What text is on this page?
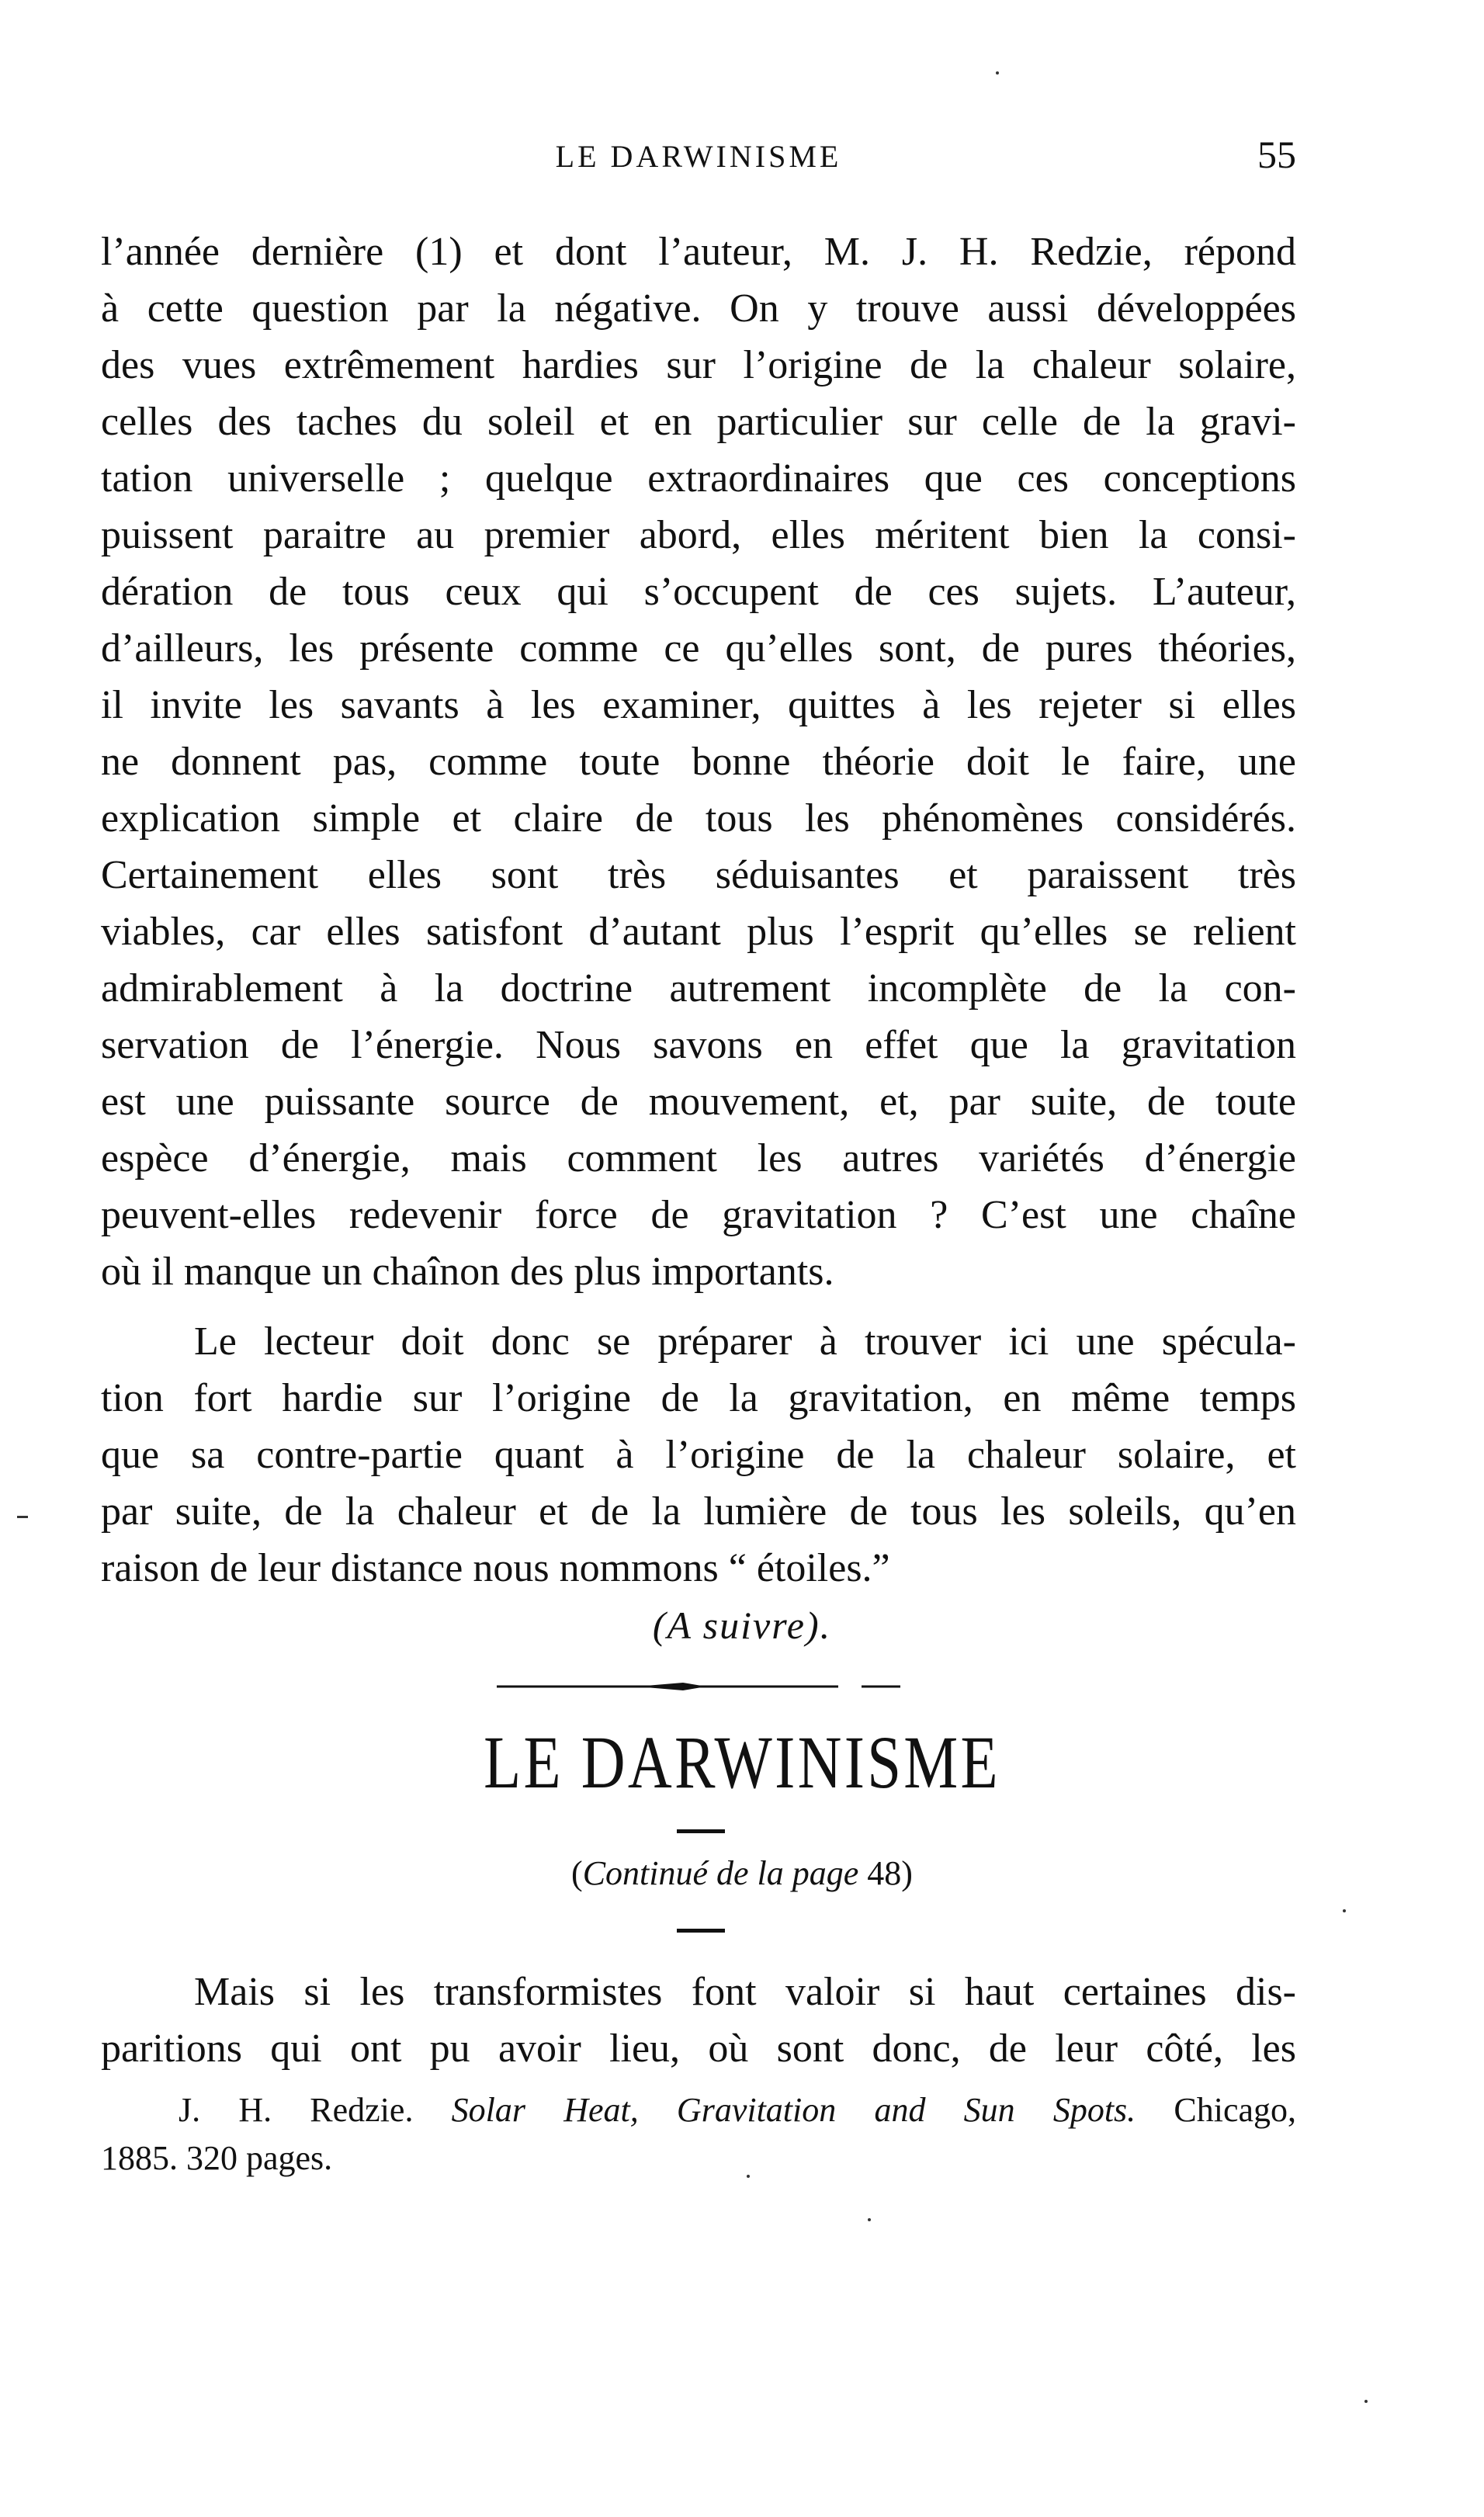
LE DARWINISME	55
l’année dernière (1) et dont l’auteur, M. J. H. Redzie, répond
à cette question par la négative. On y trouve aussi développées
des vues extrêmement hardies sur l’origine de la chaleur solaire,
celles des taches du soleil et en particulier sur celle de la gravi-
tation universelle ; quelque extraordinaires que ces conceptions
puissent paraitre au premier abord, elles méritent bien la consi-
dération de tous ceux qui s’occupent de ces sujets. L’auteur,
d’ailleurs, les présente comme ce qu’elles sont, de pures théories,
il invite les savants à les examiner, quittes à les rejeter si elles
ne donnent pas, comme toute bonne théorie doit le faire, une
explication simple et claire de tous les phénomènes considérés.
Certainement elles sont très séduisantes et paraissent très
viables, car elles satisfont d’autant plus l’esprit qu’elles se relient
admirablement à la doctrine autrement incomplète de la con-
servation de l’énergie. Nous savons en effet que la gravitation
est une puissante source de mouvement, et, par suite, de toute
espèce d’énergie, mais comment les autres variétés d’énergie
peuvent-elles redevenir force de gravitation ? C’est une chaîne
où il manque un chaînon des plus importants.
Le lecteur doit donc se préparer à trouver ici une spécula-
tion fort hardie sur l’origine de la gravitation, en même temps
que sa contre-partie quant à l’origine de la chaleur solaire, et
par suite, de la chaleur et de la lumière de tous les soleils, qu’en
raison de leur distance nous nommons “ étoiles.”
(A suivre).
LE DARWINISME
(Continué de la page 48)
Mais si les transformistes font valoir si haut certaines dis-
paritions qui ont pu avoir lieu, où sont donc, de leur côté, les
J. H. Redzie. Solar Heat, Gravitation and Sun Spots. Chicago,
1885. 320 pages.
